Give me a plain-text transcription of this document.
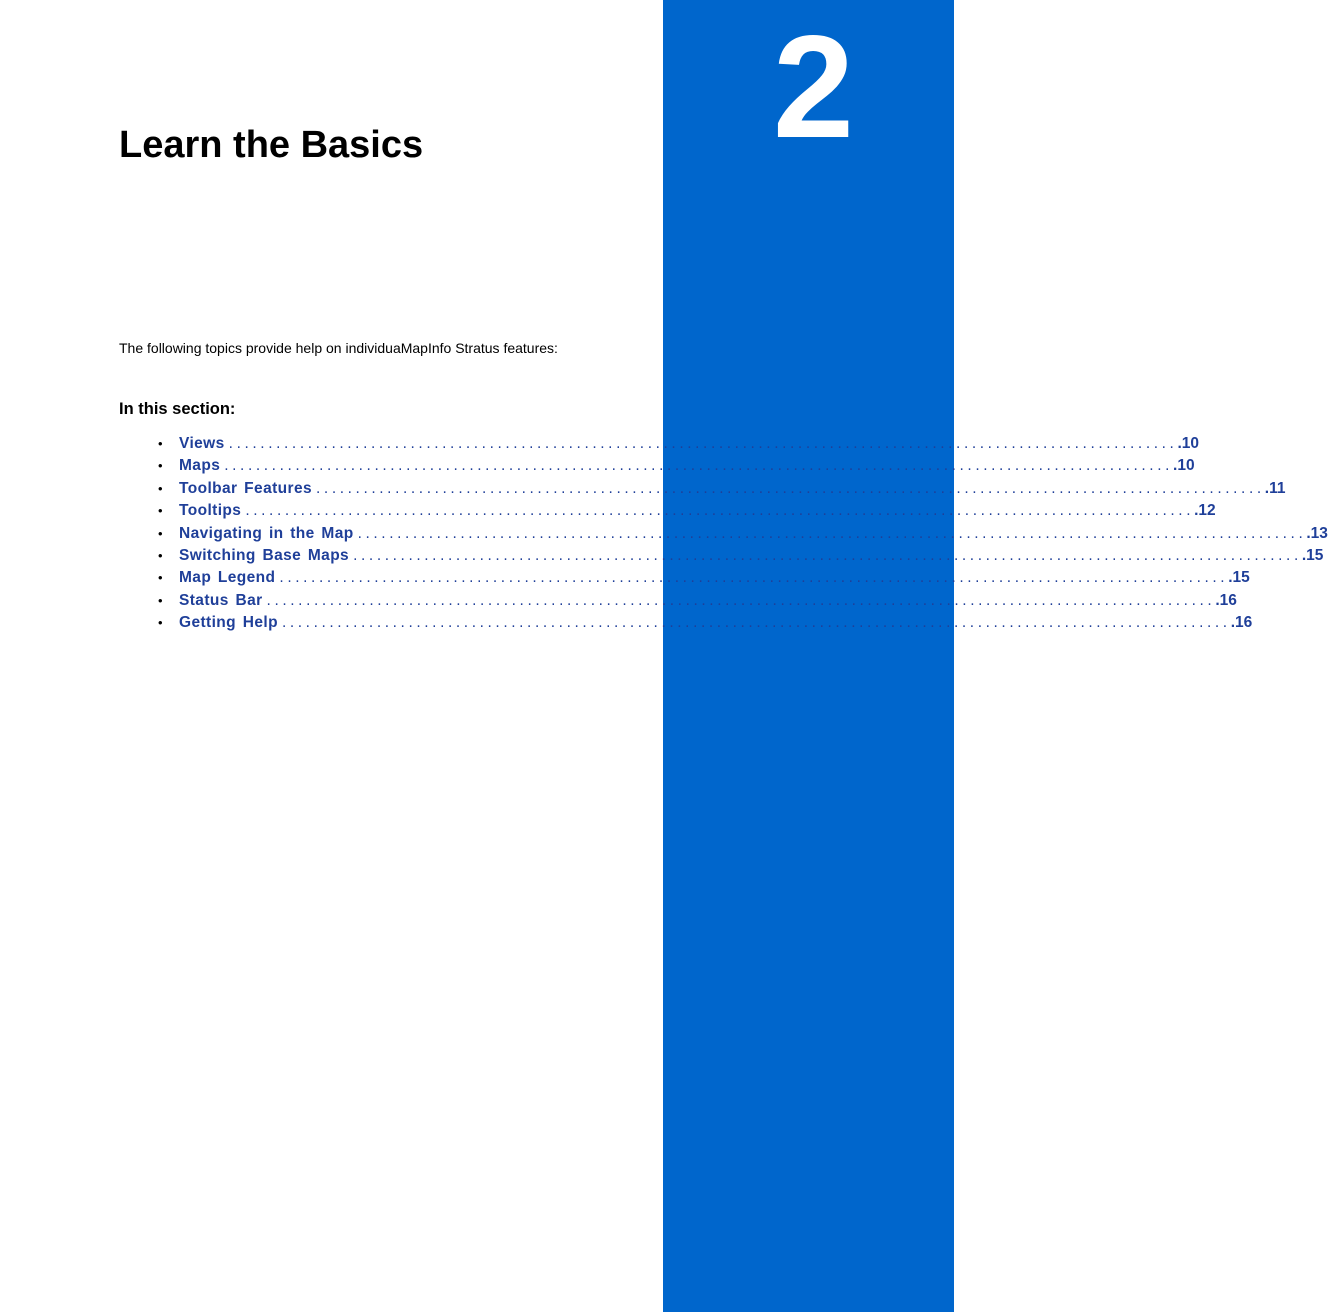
2
Learn the Basics

The following topics provide help on individuaMapInfo Stratus features:

In this section:
•	Views ........................................................................................................................ .10
•	Maps ........................................................................................................................ .10
•	Toolbar Features ........................................................................................................................ .11
•	Tooltips ........................................................................................................................ .12
•	Navigating in the Map ........................................................................................................................ .13
•	Switching Base Maps ........................................................................................................................ .15
•	Map Legend ........................................................................................................................ .15
•	Status Bar ........................................................................................................................ .16
•	Getting Help ........................................................................................................................ .16
